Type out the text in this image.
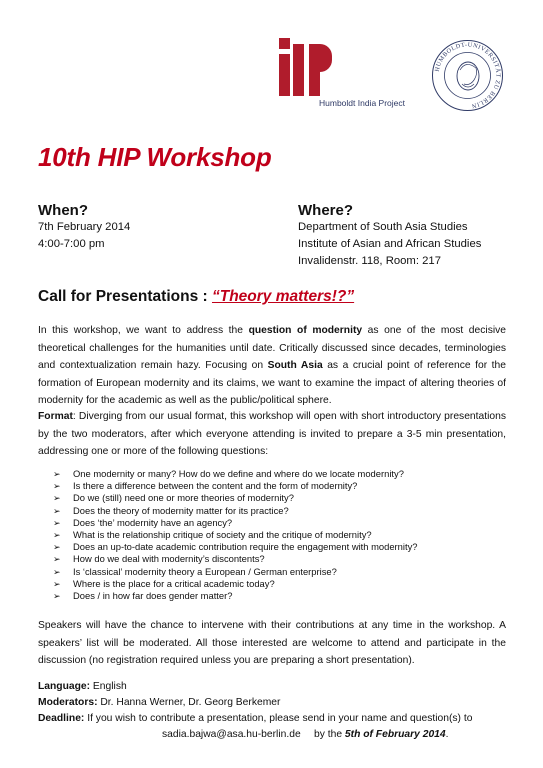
Humboldt India Project
HUMBOLDT-UNIVERSITÄT ZU BERLIN
10th HIP Workshop
When?
7th February 2014
4:00-7:00 pm
Where?
Department of South Asia Studies
Institute of Asian and African Studies
Invalidenstr. 118, Room: 217
Call for Presentations : “Theory matters!?”

In this workshop, we want to address the question of modernity as one of the most decisive theoretical challenges for the humanities until date. Critically discussed since decades, terminologies and contextualization remain hazy. Focusing on South Asia as a crucial point of reference for the formation of European modernity and its claims, we want to examine the impact of altering theories of modernity for the academic as well as the public/political sphere.

Format: Diverging from our usual format, this workshop will open with short introductory presentations by the two moderators, after which everyone attending is invited to prepare a 3-5 min presentation, addressing one or more of the following questions:

➢ One modernity or many? How do we define and where do we locate modernity?
➢ Is there a difference between the content and the form of modernity?
➢ Do we (still) need one or more theories of modernity?
➢ Does the theory of modernity matter for its practice?
➢ Does ‘the’ modernity have an agency?
➢ What is the relationship critique of society and the critique of modernity?
➢ Does an up-to-date academic contribution require the engagement with modernity?
➢ How do we deal with modernity’s discontents?
➢ Is ‘classical’ modernity theory a European / German enterprise?
➢ Where is the place for a critical academic today?
➢ Does / in how far does gender matter?

Speakers will have the chance to intervene with their contributions at any time in the workshop. A speakers’ list will be moderated. All those interested are welcome to attend and participate in the discussion (no registration required unless you are preparing a short presentation).

Language: English
Moderators: Dr. Hanna Werner, Dr. Georg Berkemer
Deadline: If you wish to contribute a presentation, please send in your name and question(s) to
sadia.bajwa@asa.hu-berlin.de by the 5th of February 2014.
